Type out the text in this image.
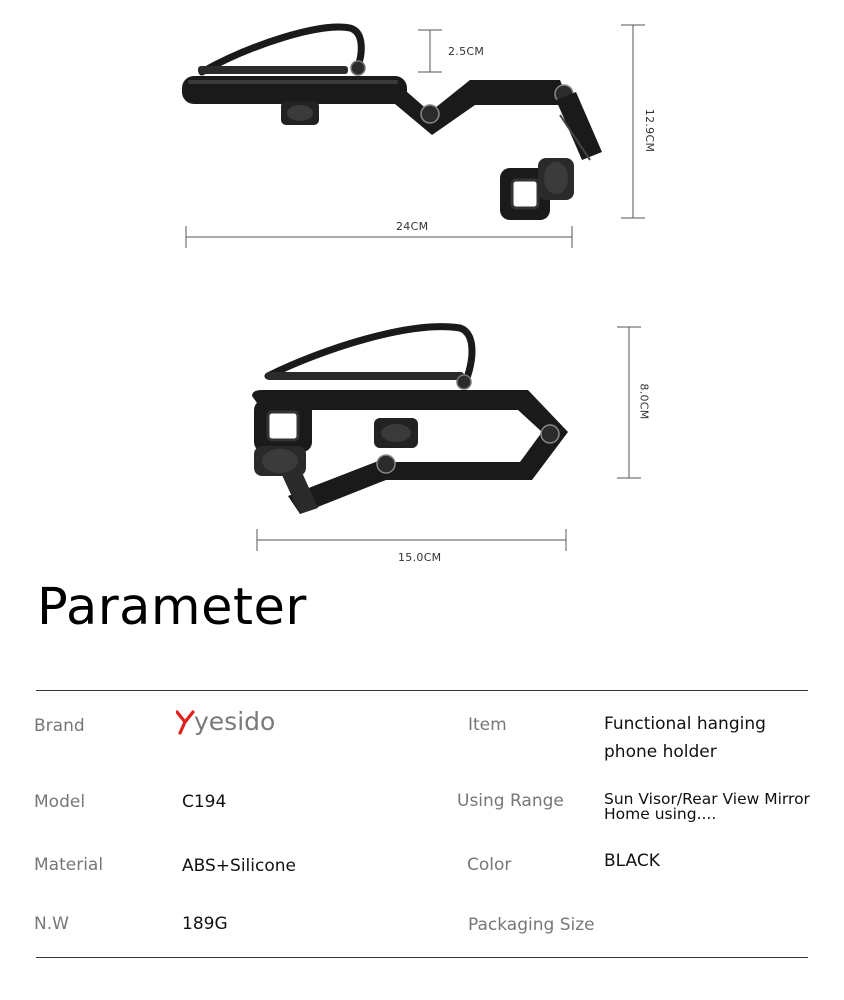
2.5CM
24CM
12.9CM
15.0CM
8.0CM
Parameter
Brand	yesido	Item	Functional hanging phone holder
Model	C194	Using Range	Sun Visor/Rear View Mirror Home using....
Material	ABS+Silicone	Color	BLACK
N.W	189G	Packaging Size
